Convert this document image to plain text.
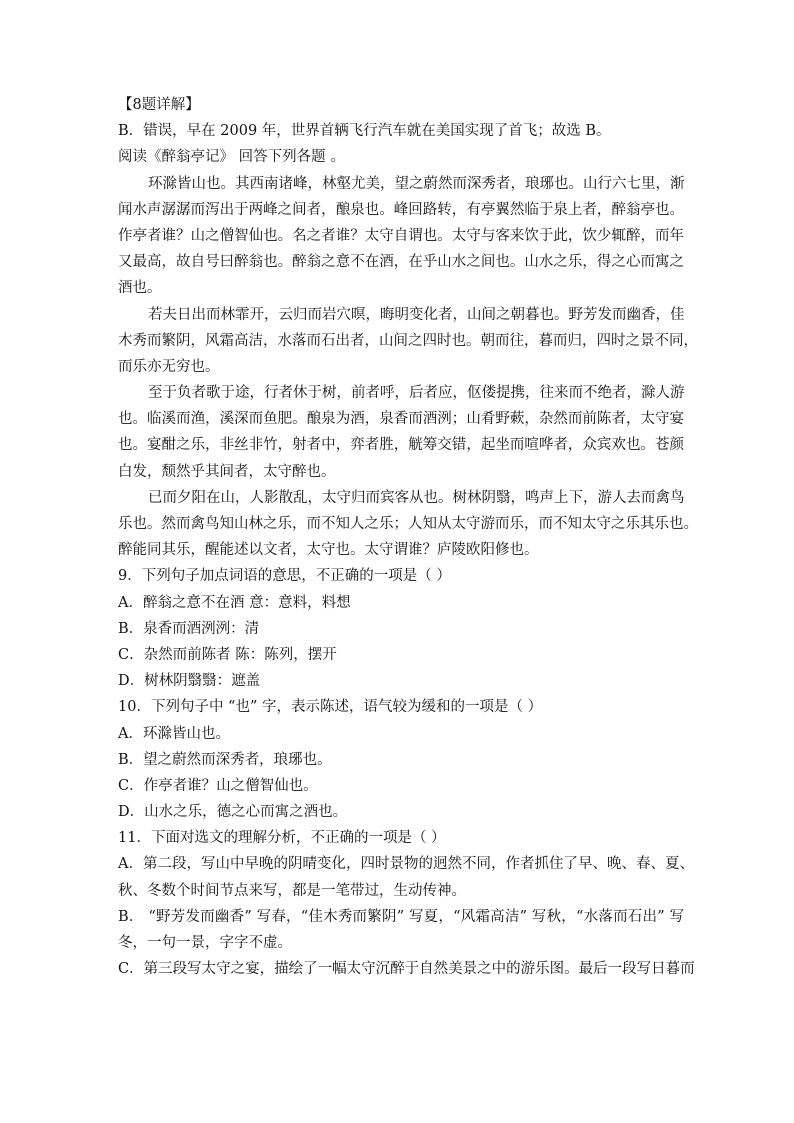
【8题详解】
B．错误，早在 2009 年，世界首辆飞行汽车就在美国实现了首飞；故选 B。
阅读《醉翁亭记》 回答下列各题 。
环滁皆山也。其西南诸峰，林壑尤美，望之蔚然而深秀者，琅琊也。山行六七里，渐
闻水声潺潺而泻出于两峰之间者，酿泉也。峰回路转，有亭翼然临于泉上者，醉翁亭也。
作亭者谁？山之僧智仙也。名之者谁？太守自谓也。太守与客来饮于此，饮少辄醉，而年
又最高，故自号曰醉翁也。醉翁之意不在酒，在乎山水之间也。山水之乐，得之心而寓之
酒也。
若夫日出而林霏开，云归而岩穴暝，晦明变化者，山间之朝暮也。野芳发而幽香，佳
木秀而繁阴，风霜高洁，水落而石出者，山间之四时也。朝而往，暮而归，四时之景不同，
而乐亦无穷也。
至于负者歌于途，行者休于树，前者呼，后者应，伛偻提携，往来而不绝者，滁人游
也。临溪而渔，溪深而鱼肥。酿泉为酒，泉香而酒洌；山肴野蔌，杂然而前陈者，太守宴
也。宴酣之乐，非丝非竹，射者中，弈者胜，觥筹交错，起坐而喧哗者，众宾欢也。苍颜
白发，颓然乎其间者，太守醉也。
已而夕阳在山，人影散乱，太守归而宾客从也。树林阴翳，鸣声上下，游人去而禽鸟
乐也。然而禽鸟知山林之乐，而不知人之乐；人知从太守游而乐，而不知太守之乐其乐也。
醉能同其乐，醒能述以文者，太守也。太守谓谁？庐陵欧阳修也。
9．下列句子加点词语的意思，不正确的一项是（ ）
A．醉翁之意不在酒 意：意料，料想
B．泉香而酒洌洌：清
C．杂然而前陈者 陈：陈列，摆开
D．树林阴翳翳：遮盖
10．下列句子中 “也” 字，表示陈述，语气较为缓和的一项是（ ）
A．环滁皆山也。
B．望之蔚然而深秀者，琅琊也。
C．作亭者谁？山之僧智仙也。
D．山水之乐，德之心而寓之酒也。
11．下面对选文的理解分析，不正确的一项是（ ）
A．第二段，写山中早晚的阴晴变化，四时景物的迥然不同，作者抓住了早、晚、春、夏、
秋、冬数个时间节点来写，都是一笔带过，生动传神。
B． “野芳发而幽香” 写春，“佳木秀而繁阴” 写夏，“风霜高洁” 写秋，“水落而石出” 写
冬，一句一景，字字不虚。
C．第三段写太守之宴，描绘了一幅太守沉醉于自然美景之中的游乐图。最后一段写日暮而
